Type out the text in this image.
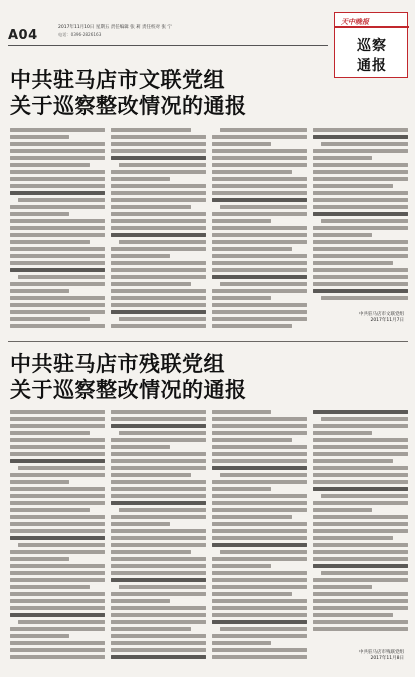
A04
2017年11月10日 星期五 责任编辑 张 莉 责任校对 张 宁
电话：0396-2826163
天中晚报
巡察
通报
中共驻马店市文联党组
关于巡察整改情况的通报
中共驻马店市文联党组
2017年11月7日
中共驻马店市残联党组
关于巡察整改情况的通报
中共驻马店市残联党组
2017年11月8日
